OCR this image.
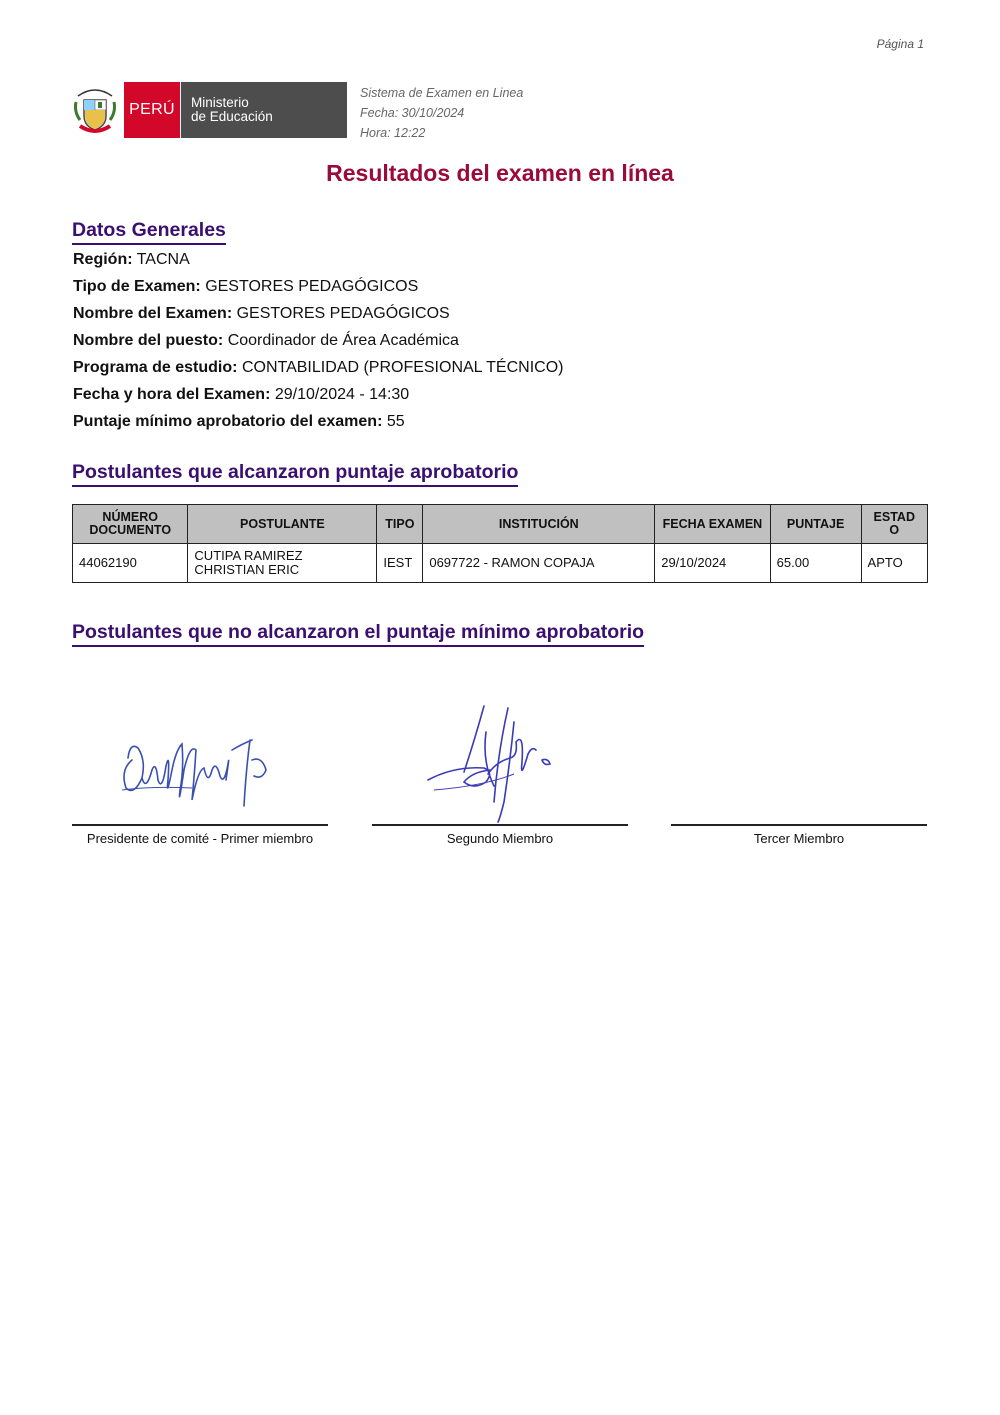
Página 1
PERÚ	Ministerio
de Educación
Sistema de Examen en Linea
Fecha: 30/10/2024
Hora: 12:22
Resultados del examen en línea
Datos Generales
Región: TACNA
Tipo de Examen: GESTORES PEDAGÓGICOS
Nombre del Examen: GESTORES PEDAGÓGICOS
Nombre del puesto: Coordinador de Área Académica
Programa de estudio: CONTABILIDAD (PROFESIONAL TÉCNICO)
Fecha y hora del Examen: 29/10/2024 - 14:30
Puntaje mínimo aprobatorio del examen: 55
Postulantes que alcanzaron puntaje aprobatorio
NÚMERO DOCUMENTO	POSTULANTE	TIPO	INSTITUCIÓN	FECHA EXAMEN	PUNTAJE	ESTAD O
44062190	CUTIPA RAMIREZ CHRISTIAN ERIC	IEST	0697722 - RAMON COPAJA	29/10/2024	65.00	APTO
Postulantes que no alcanzaron el puntaje mínimo aprobatorio
Presidente de comité - Primer miembro	Segundo Miembro	Tercer Miembro
